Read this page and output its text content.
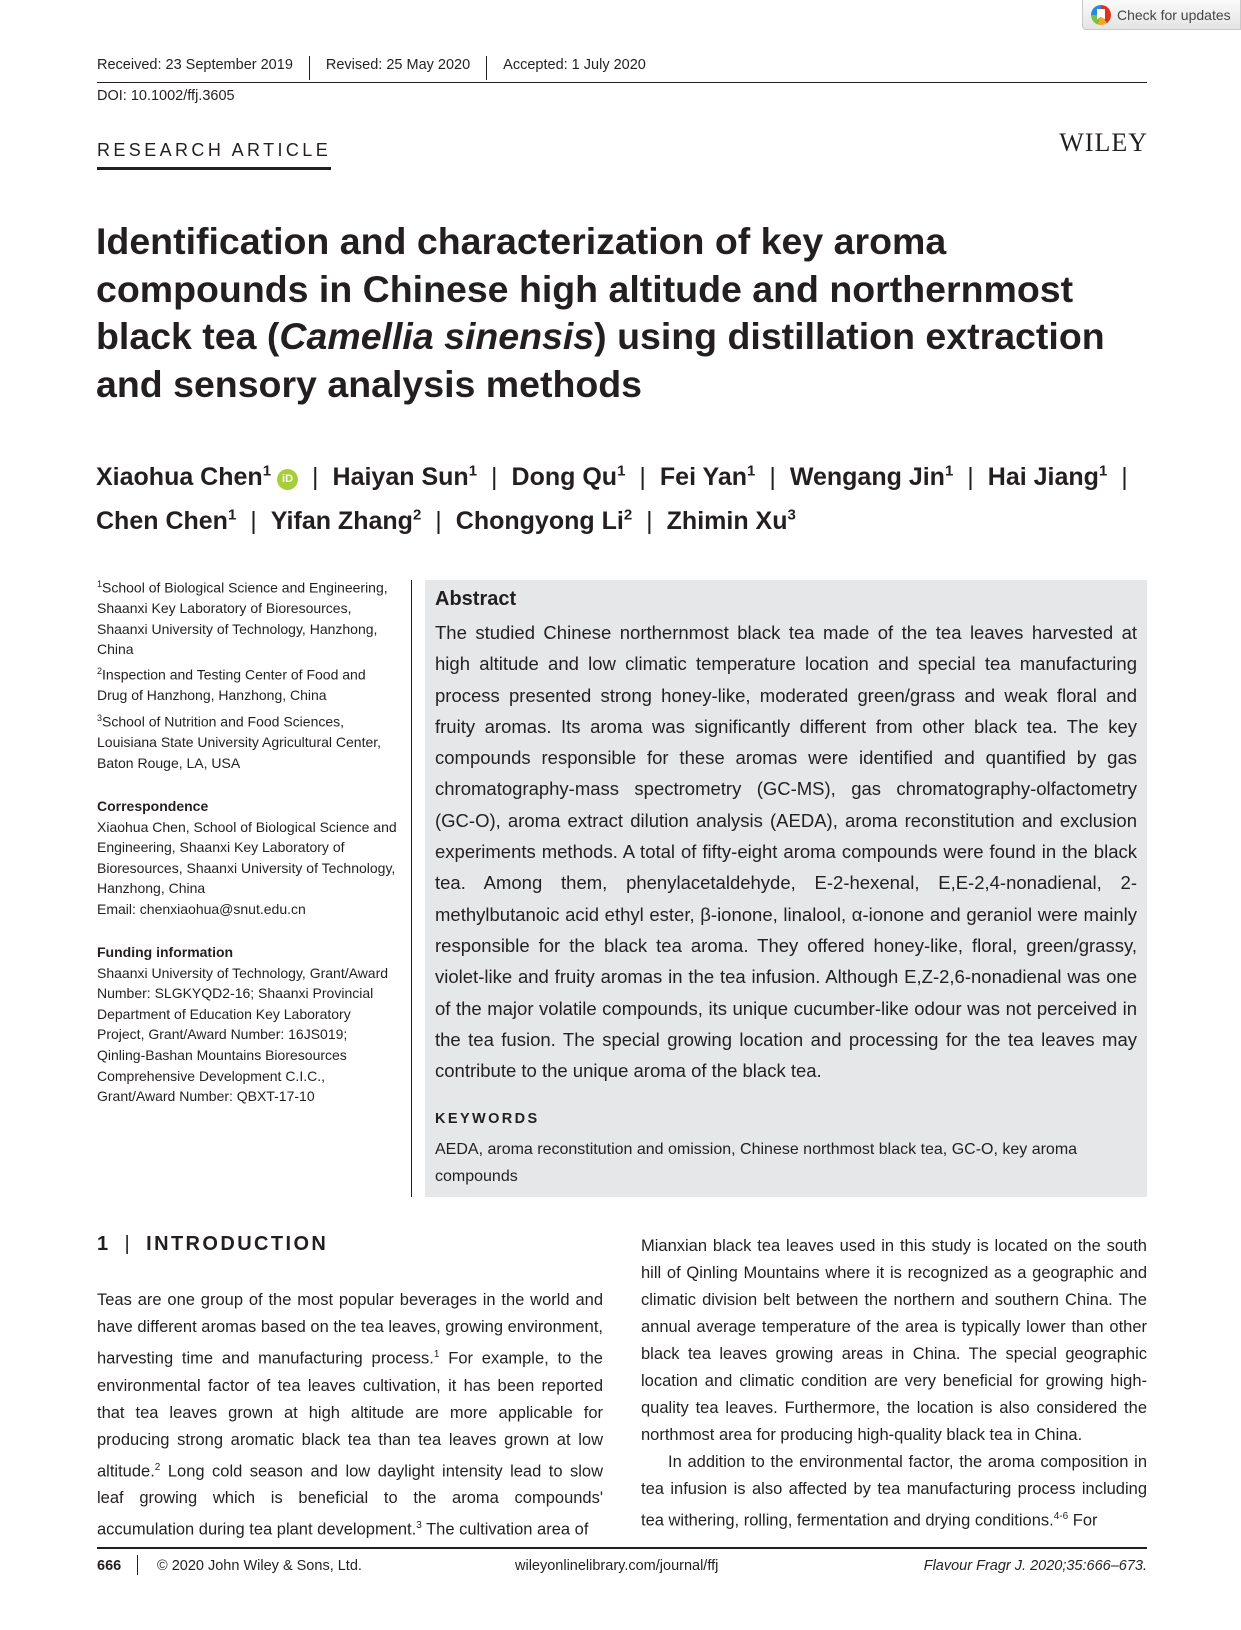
Check for updates
Received: 23 September 2019	Revised: 25 May 2020	Accepted: 1 July 2020
DOI: 10.1002/ffj.3605
RESEARCH ARTICLE	WILEY
Identification and characterization of key aroma compounds in Chinese high altitude and northernmost black tea (Camellia sinensis) using distillation extraction and sensory analysis methods
Xiaohua Chen$^1$ iD | Haiyan Sun$^1$ | Dong Qu$^1$ | Fei Yan$^1$ | Wengang Jin$^1$ | Hai Jiang$^1$ |
Chen Chen$^1$ | Yifan Zhang$^2$ | Chongyong Li$^2$ | Zhimin Xu$^3$
$^1$School of Biological Science and Engineering, Shaanxi Key Laboratory of Bioresources, Shaanxi University of Technology, Hanzhong, China
$^2$Inspection and Testing Center of Food and Drug of Hanzhong, Hanzhong, China
$^3$School of Nutrition and Food Sciences, Louisiana State University Agricultural Center, Baton Rouge, LA, USA
Correspondence
Xiaohua Chen, School of Biological Science and Engineering, Shaanxi Key Laboratory of Bioresources, Shaanxi University of Technology, Hanzhong, China
Email: chenxiaohua@snut.edu.cn
Funding information
Shaanxi University of Technology, Grant/Award Number: SLGKYQD2-16; Shaanxi Provincial Department of Education Key Laboratory Project, Grant/Award Number: 16JS019; Qinling-Bashan Mountains Bioresources Comprehensive Development C.I.C., Grant/Award Number: QBXT-17-10
Abstract
The studied Chinese northernmost black tea made of the tea leaves harvested at high altitude and low climatic temperature location and special tea manufacturing process presented strong honey-like, moderated green/grass and weak floral and fruity aromas. Its aroma was significantly different from other black tea. The key compounds responsible for these aromas were identified and quantified by gas chromatography-mass spectrometry (GC-MS), gas chromatography-olfactometry (GC-O), aroma extract dilution analysis (AEDA), aroma reconstitution and exclusion experiments methods. A total of fifty-eight aroma compounds were found in the black tea. Among them, phenylacetaldehyde, E-2-hexenal, E,E-2,4-nonadienal, 2-methylbutanoic acid ethyl ester, β-ionone, linalool, α-ionone and geraniol were mainly responsible for the black tea aroma. They offered honey-like, floral, green/grassy, violet-like and fruity aromas in the tea infusion. Although E,Z-2,6-nonadienal was one of the major volatile compounds, its unique cucumber-like odour was not perceived in the tea fusion. The special growing location and processing for the tea leaves may contribute to the unique aroma of the black tea.
KEYWORDS
AEDA, aroma reconstitution and omission, Chinese northmost black tea, GC-O, key aroma compounds
1 | INTRODUCTION

Teas are one group of the most popular beverages in the world and have different aromas based on the tea leaves, growing environment, harvesting time and manufacturing process.$^1$ For example, to the environmental factor of tea leaves cultivation, it has been reported that tea leaves grown at high altitude are more applicable for producing strong aromatic black tea than tea leaves grown at low altitude.$^2$ Long cold season and low daylight intensity lead to slow leaf growing which is beneficial to the aroma compounds' accumulation during tea plant development.$^3$ The cultivation area of

Mianxian black tea leaves used in this study is located on the south hill of Qinling Mountains where it is recognized as a geographic and climatic division belt between the northern and southern China. The annual average temperature of the area is typically lower than other black tea leaves growing areas in China. The special geographic location and climatic condition are very beneficial for growing high-quality tea leaves. Furthermore, the location is also considered the northmost area for producing high-quality black tea in China.

In addition to the environmental factor, the aroma composition in tea infusion is also affected by tea manufacturing process including tea withering, rolling, fermentation and drying conditions.$^{4-6}$ For

666 © 2020 John Wiley & Sons, Ltd.	wileyonlinelibrary.com/journal/ffj	Flavour Fragr J. 2020;35:666–673.
